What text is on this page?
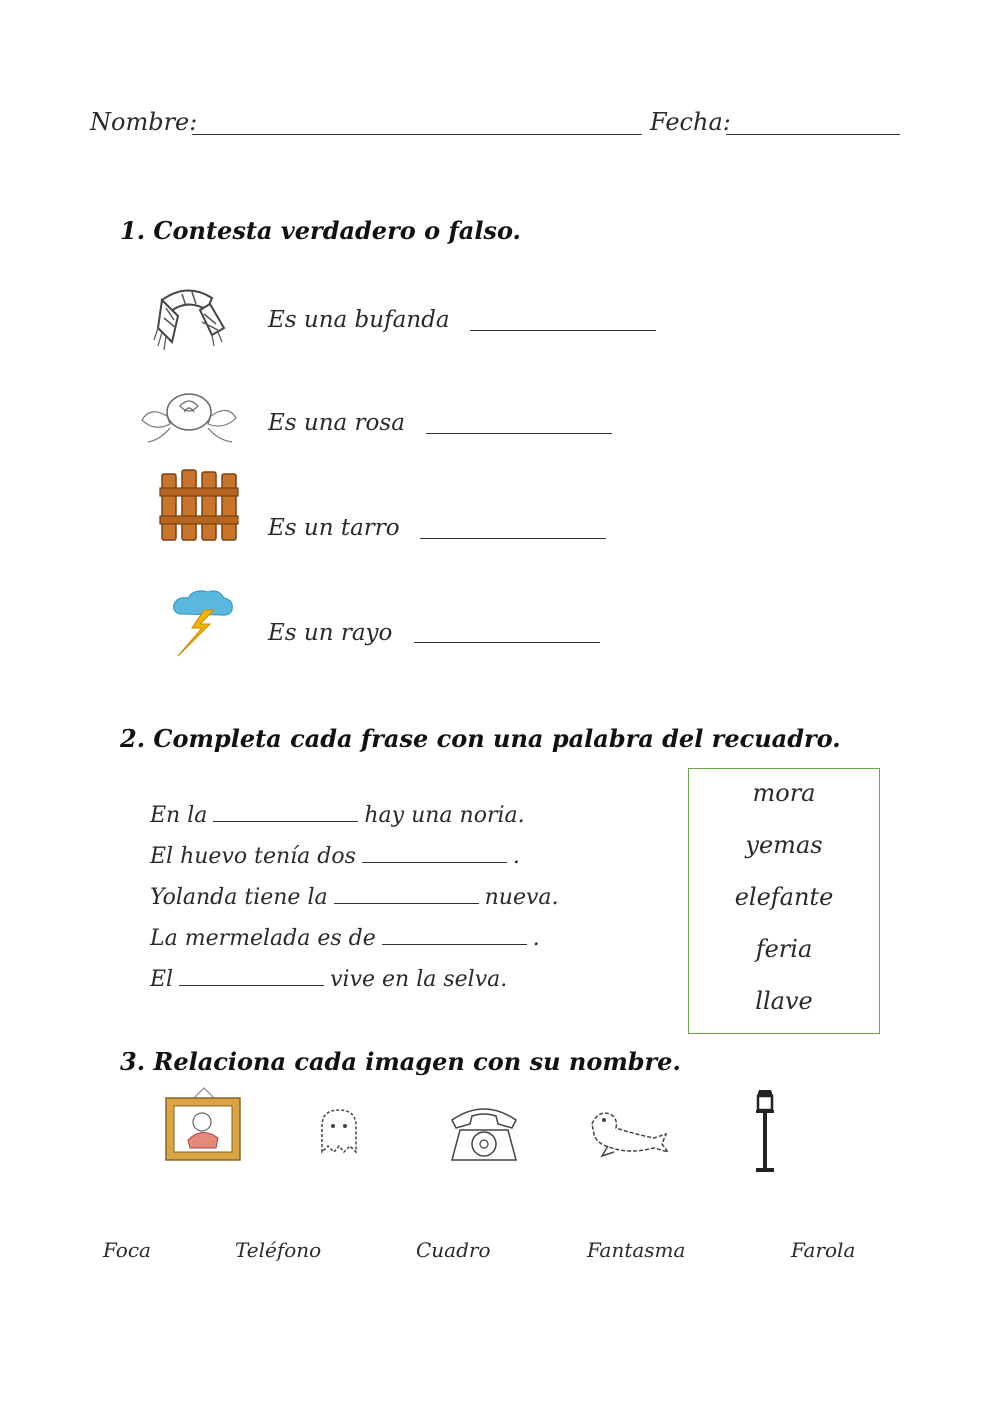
Nombre:	Fecha:
1. Contesta verdadero o falso.
Es una bufanda
Es una rosa
Es un tarro
Es un rayo
2. Completa cada frase con una palabra del recuadro.
En la	hay una noria.
El huevo tenía dos	.
Yolanda tiene la	nueva.
La mermelada es de	.
El	vive en la selva.
mora
yemas
elefante
feria
llave
3. Relaciona cada imagen con su nombre.
Foca	Teléfono	Cuadro	Fantasma	Farola
